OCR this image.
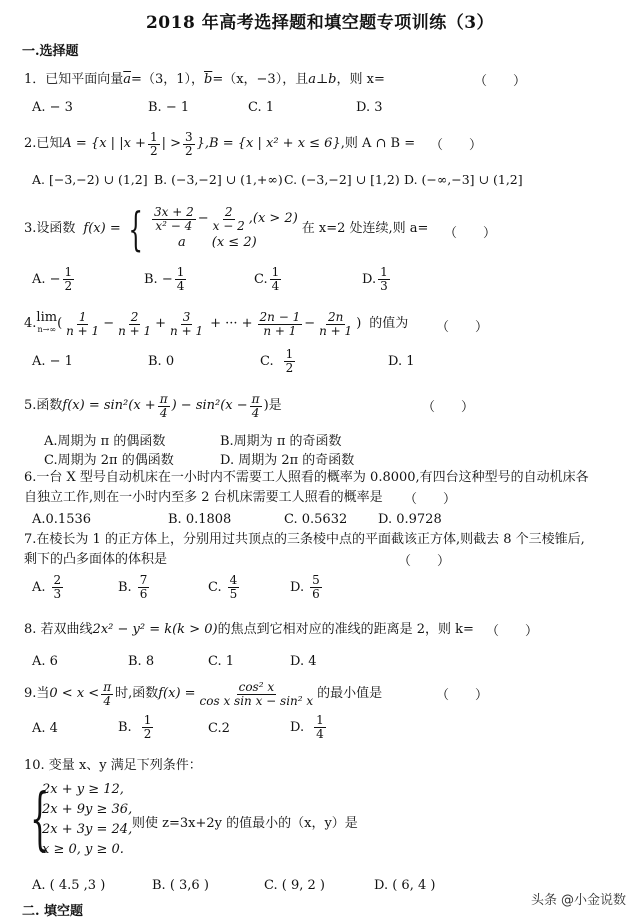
2018 年高考选择题和填空题专项训练（3）
一.选择题
1．已知平面向量$\overline{a}=(3$，1），$\overline{b}=(x$，−3），且a⊥b，则 x=	（　　）
A. − 3	B. − 1	C. 1	D. 3
2.已知 A = {x | $|x + \frac{1}{2}$ | > $\frac{3}{2}$ }, B = {x | x² + x ≤ 6} ,则 A ∩ B = （　　）
A. [−3,−2) ∪ (1,2] B. (−3,−2] ∪ (1,+∞) C. (−3,−2] ∪ [1,2) D. (−∞,−3] ∪ (1,2]
3.设函数 f(x) = { $\frac{3x + 2}{\text{x² − 4}} - \frac{2}{x - 2} ,(x > 2)$
a (x ≤ 2)
在 x=2 处连续,则 a= （　　）
A. − $\frac{1}{2}$	B. − $\frac{1}{4}$	C. $\frac{1}{4}$	D. $\frac{1}{3}$
4. lim
n→∞ ( $\frac{1}{n + 1} - \frac{2}{n + 1} + \frac{3}{n + 1}$ + ··· + $\frac{2n - 1}{n + 1} - \frac{2n}{n + 1}$ ) 的值为 （　　）
A. − 1	B. 0	C. $\frac{1}{2}$	D. 1
5.函数 $f(x) = \sin^2(x + \frac{\pi}{4}$ ) − $\sin^2(x - \frac{\pi}{4}$ )是	（　　）
A.周期为 π 的偶函数	B.周期为 π 的奇函数
C.周期为 2π 的偶函数	D. 周期为 2π 的奇函数
6.一台 X 型号自动机床在一小时内不需要工人照看的概率为 0.8000,有四台这种型号的自动机床各
自独立工作,则在一小时内至多 2 台机床需要工人照看的概率是 （　　）
A.0.1536	B. 0.1808	C. 0.5632 D. 0.9728
7.在棱长为 1 的正方体上，分别用过共顶点的三条棱中点的平面截该正方体,则截去 8 个三棱锥后,
剩下的凸多面体的体积是	（　　）
A. $\frac{2}{3}$	B. $\frac{7}{6}$	C. $\frac{4}{5}$	D. $\frac{5}{6}$
8. 若双曲线2x² − y² = k(k > 0)的焦点到它相对应的准线的距离是 2，则 k= （　　）
A. 6	B. 8	C. 1	D. 4
9.当 $0 < x < \frac{\pi}{4}$ 时,函数 $f(x) = \frac{\text{cos² x}}{\text{cos x sin x − sin² x}}$ 的最小值是	（　　）
A. 4	B. $\frac{1}{2}$	C.2	D. $\frac{1}{4}$
10. 变量 x、y 满足下列条件：
{
2x + y ≥ 12,
2x + 9y ≥ 36,
2x + 3y = 24,
x ≥ 0, y ≥ 0.
则使 z=3x+2y 的值最小的（x，y）是
A. ( 4.5 ,3 )	B. ( 3,6 )	C. ( 9, 2 )	D. ( 6, 4 )
二. 填空题
头条 @小金说数
